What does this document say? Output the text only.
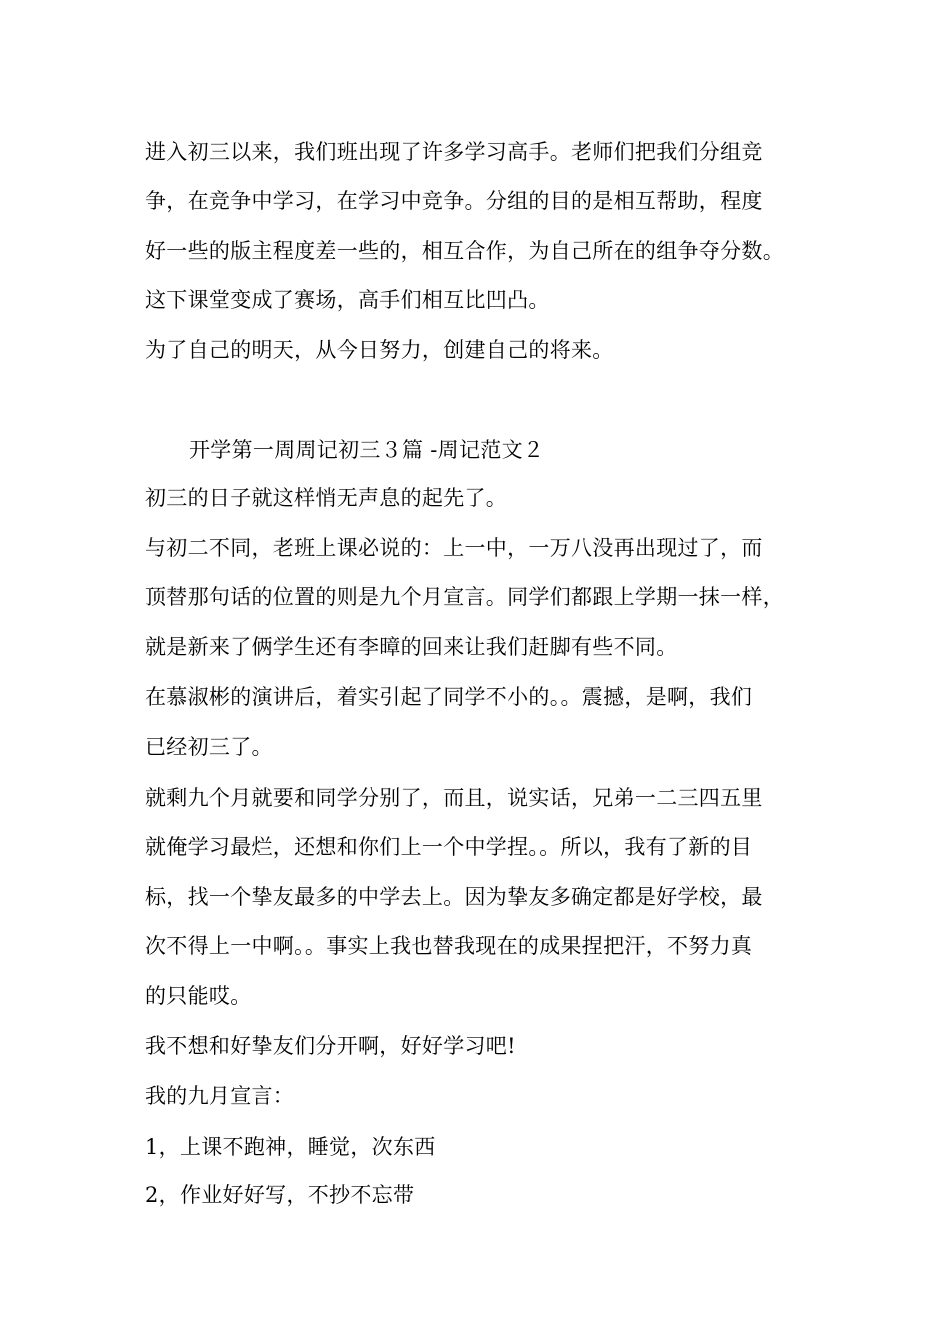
进入初三以来，我们班出现了许多学习高手。老师们把我们分组竞
争，在竞争中学习，在学习中竞争。分组的目的是相互帮助，程度
好一些的版主程度差一些的，相互合作，为自己所在的组争夺分数。
这下课堂变成了赛场，高手们相互比凹凸。
为了自己的明天，从今日努力，创建自己的将来。
开学第一周周记初三３篇 -周记范文２
初三的日子就这样悄无声息的起先了。
与初二不同，老班上课必说的：上一中，一万八没再出现过了，而
顶替那句话的位置的则是九个月宣言。同学们都跟上学期一抹一样，
就是新来了俩学生还有李暲的回来让我们赶脚有些不同。
在慕淑彬的演讲后，着实引起了同学不小的。。震撼，是啊，我们
已经初三了。
就剩九个月就要和同学分别了，而且，说实话，兄弟一二三四五里
就俺学习最烂，还想和你们上一个中学捏。。所以，我有了新的目
标，找一个挚友最多的中学去上。因为挚友多确定都是好学校，最
次不得上一中啊。。事实上我也替我现在的成果捏把汗，不努力真
的只能哎。
我不想和好挚友们分开啊，好好学习吧!
我的九月宣言：
1，上课不跑神，睡觉，次东西
2，作业好好写，不抄不忘带
